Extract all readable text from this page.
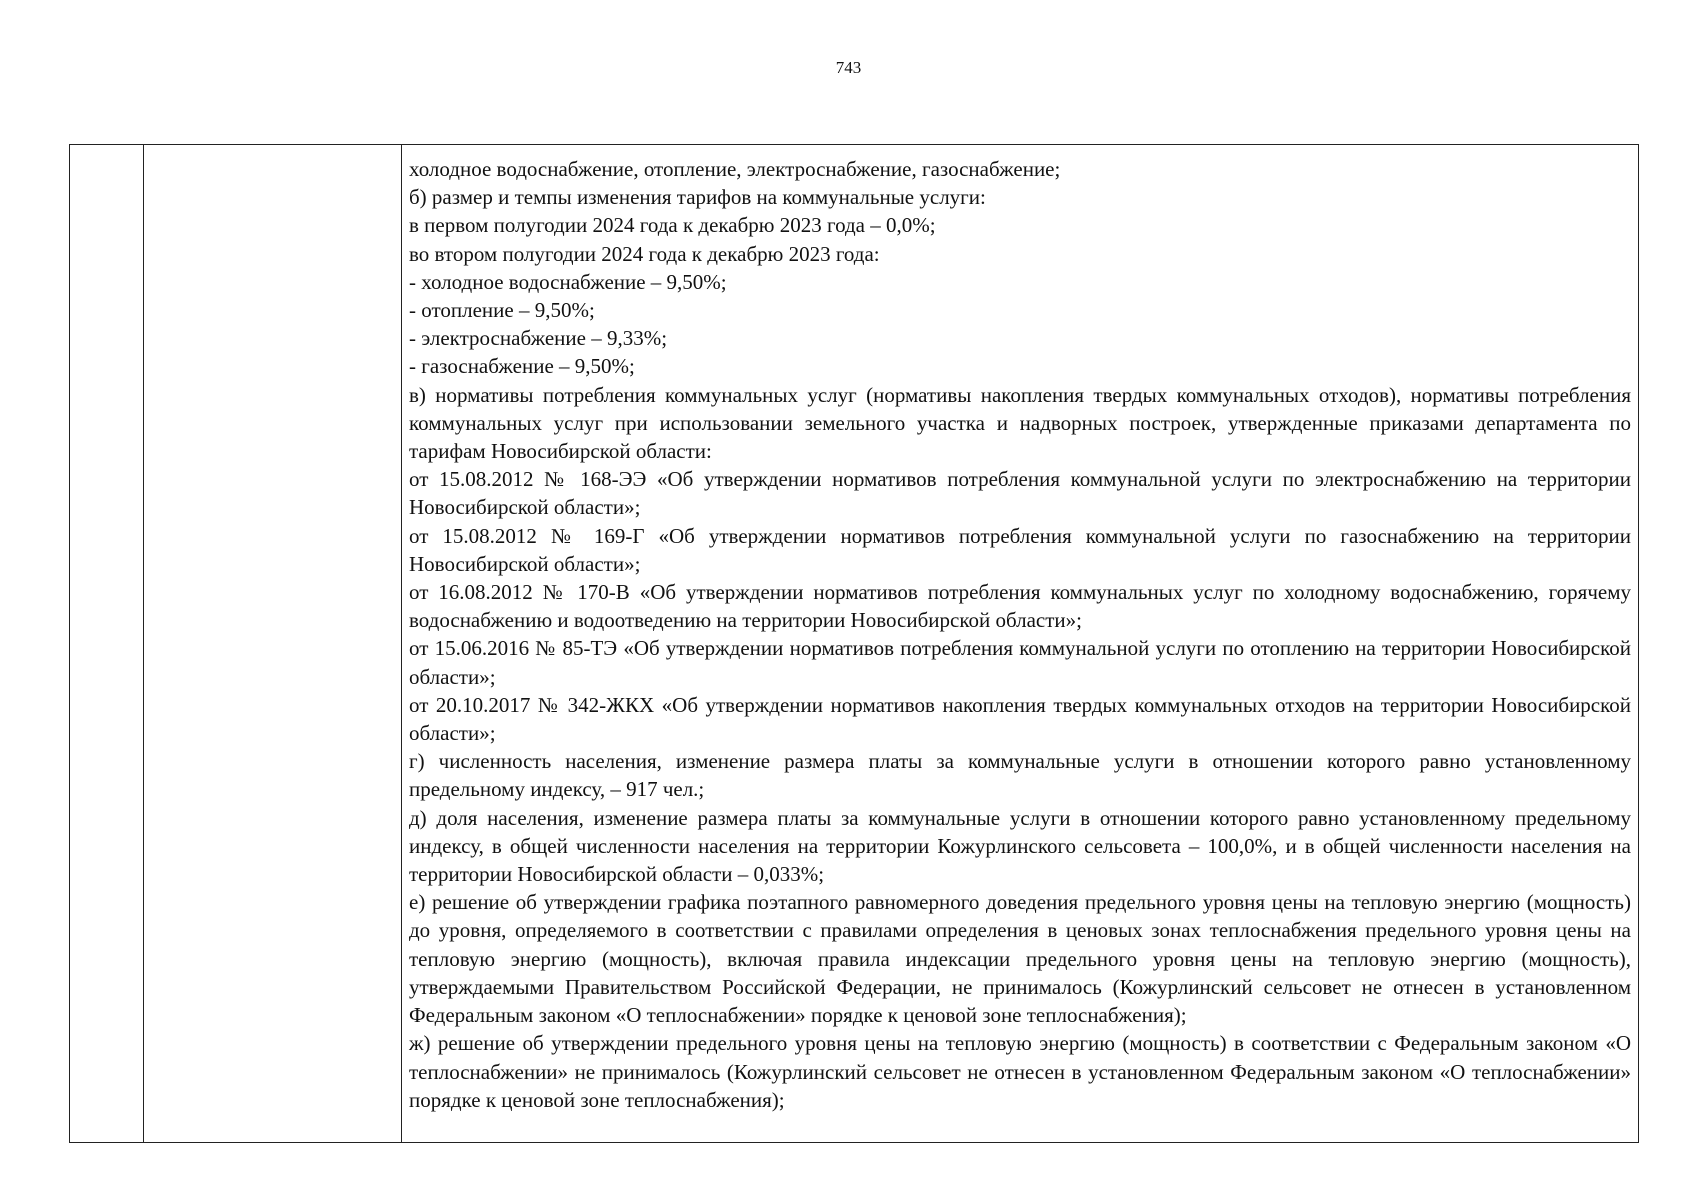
743

холодное водоснабжение, отопление, электроснабжение, газоснабжение;

б) размер и темпы изменения тарифов на коммунальные услуги:

в первом полугодии 2024 года к декабрю 2023 года – 0,0%;

во втором полугодии 2024 года к декабрю 2023 года:

- холодное водоснабжение – 9,50%;

- отопление – 9,50%;

- электроснабжение – 9,33%;

- газоснабжение – 9,50%;

в) нормативы потребления коммунальных услуг (нормативы накопления твердых коммунальных отходов), нормативы потребления коммунальных услуг при использовании земельного участка и надворных построек, утвержденные приказами департамента по тарифам Новосибирской области:

от 15.08.2012 № 168-ЭЭ «Об утверждении нормативов потребления коммунальной услуги по электроснабжению на территории Новосибирской области»;

от 15.08.2012 № 169-Г «Об утверждении нормативов потребления коммунальной услуги по газоснабжению на территории Новосибирской области»;

от 16.08.2012 № 170-В «Об утверждении нормативов потребления коммунальных услуг по холодному водоснабжению, горячему водоснабжению и водоотведению на территории Новосибирской области»;

от 15.06.2016 № 85-ТЭ «Об утверждении нормативов потребления коммунальной услуги по отоплению на территории Новосибирской области»;

от 20.10.2017 № 342-ЖКХ «Об утверждении нормативов накопления твердых коммунальных отходов на территории Новосибирской области»;

г) численность населения, изменение размера платы за коммунальные услуги в отношении которого равно установленному предельному индексу, – 917 чел.;

д) доля населения, изменение размера платы за коммунальные услуги в отношении которого равно установленному предельному индексу, в общей численности населения на территории Кожурлинского сельсовета – 100,0%, и в общей численности населения на территории Новосибирской области – 0,033%;

е) решение об утверждении графика поэтапного равномерного доведения предельного уровня цены на тепловую энергию (мощность) до уровня, определяемого в соответствии с правилами определения в ценовых зонах теплоснабжения предельного уровня цены на тепловую энергию (мощность), включая правила индексации предельного уровня цены на тепловую энергию (мощность), утверждаемыми Правительством Российской Федерации, не принималось (Кожурлинский сельсовет не отнесен в установленном Федеральным законом «О теплоснабжении» порядке к ценовой зоне теплоснабжения);

ж) решение об утверждении предельного уровня цены на тепловую энергию (мощность) в соответствии с Федеральным законом «О теплоснабжении» не принималось (Кожурлинский сельсовет не отнесен в установленном Федеральным законом «О теплоснабжении» порядке к ценовой зоне теплоснабжения);
